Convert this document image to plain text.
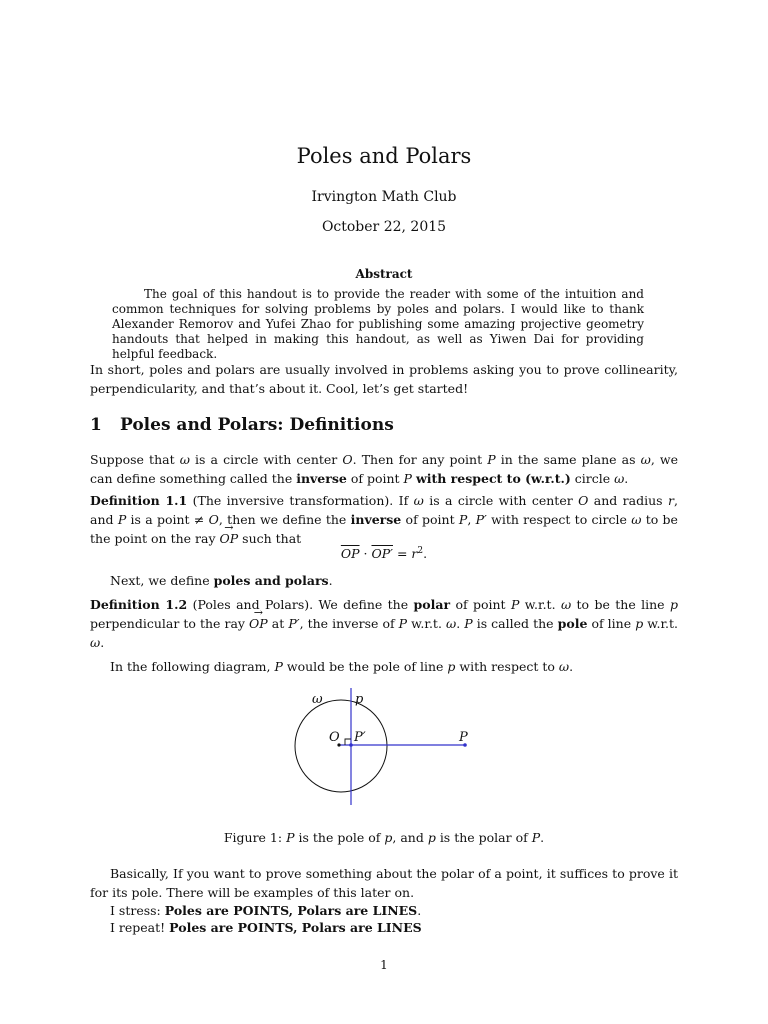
Poles and Polars
Irvington Math Club
October 22, 2015
Abstract
The goal of this handout is to provide the reader with some of the intuition and common techniques for solving problems by poles and polars. I would like to thank Alexander Remorov and Yufei Zhao for publishing some amazing projective geometry handouts that helped in making this handout, as well as Yiwen Dai for providing helpful feedback.
In short, poles and polars are usually involved in problems asking you to prove collinearity, perpendicularity, and that’s about it. Cool, let’s get started!
1 Poles and Polars: Definitions
Suppose that ω is a circle with center O. Then for any point P in the same plane as ω, we can define something called the inverse of point P with respect to (w.r.t.) circle ω.
Definition 1.1 (The inversive transformation). If ω is a circle with center O and radius r, and P is a point ≠ O, then we define the inverse of point P, P′ with respect to circle ω to be the point on the ray → OP such that
$\overline{OP} \cdot OP' = r^2$.
Next, we define poles and polars.
Definition 1.2 (Poles and Polars). We define the polar of point P w.r.t. ω to be the line p perpendicular to the ray → OP at P′, the inverse of P w.r.t. ω. P is called the pole of line p w.r.t. ω.
In the following diagram, P would be the pole of line p with respect to ω.
ω p
O P′	P
Figure 1: P is the pole of p, and p is the polar of P.
Basically, If you want to prove something about the polar of a point, it suffices to prove it for its pole. There will be examples of this later on.
I stress: Poles are POINTS, Polars are LINES.
I repeat! Poles are POINTS, Polars are LINES
1
